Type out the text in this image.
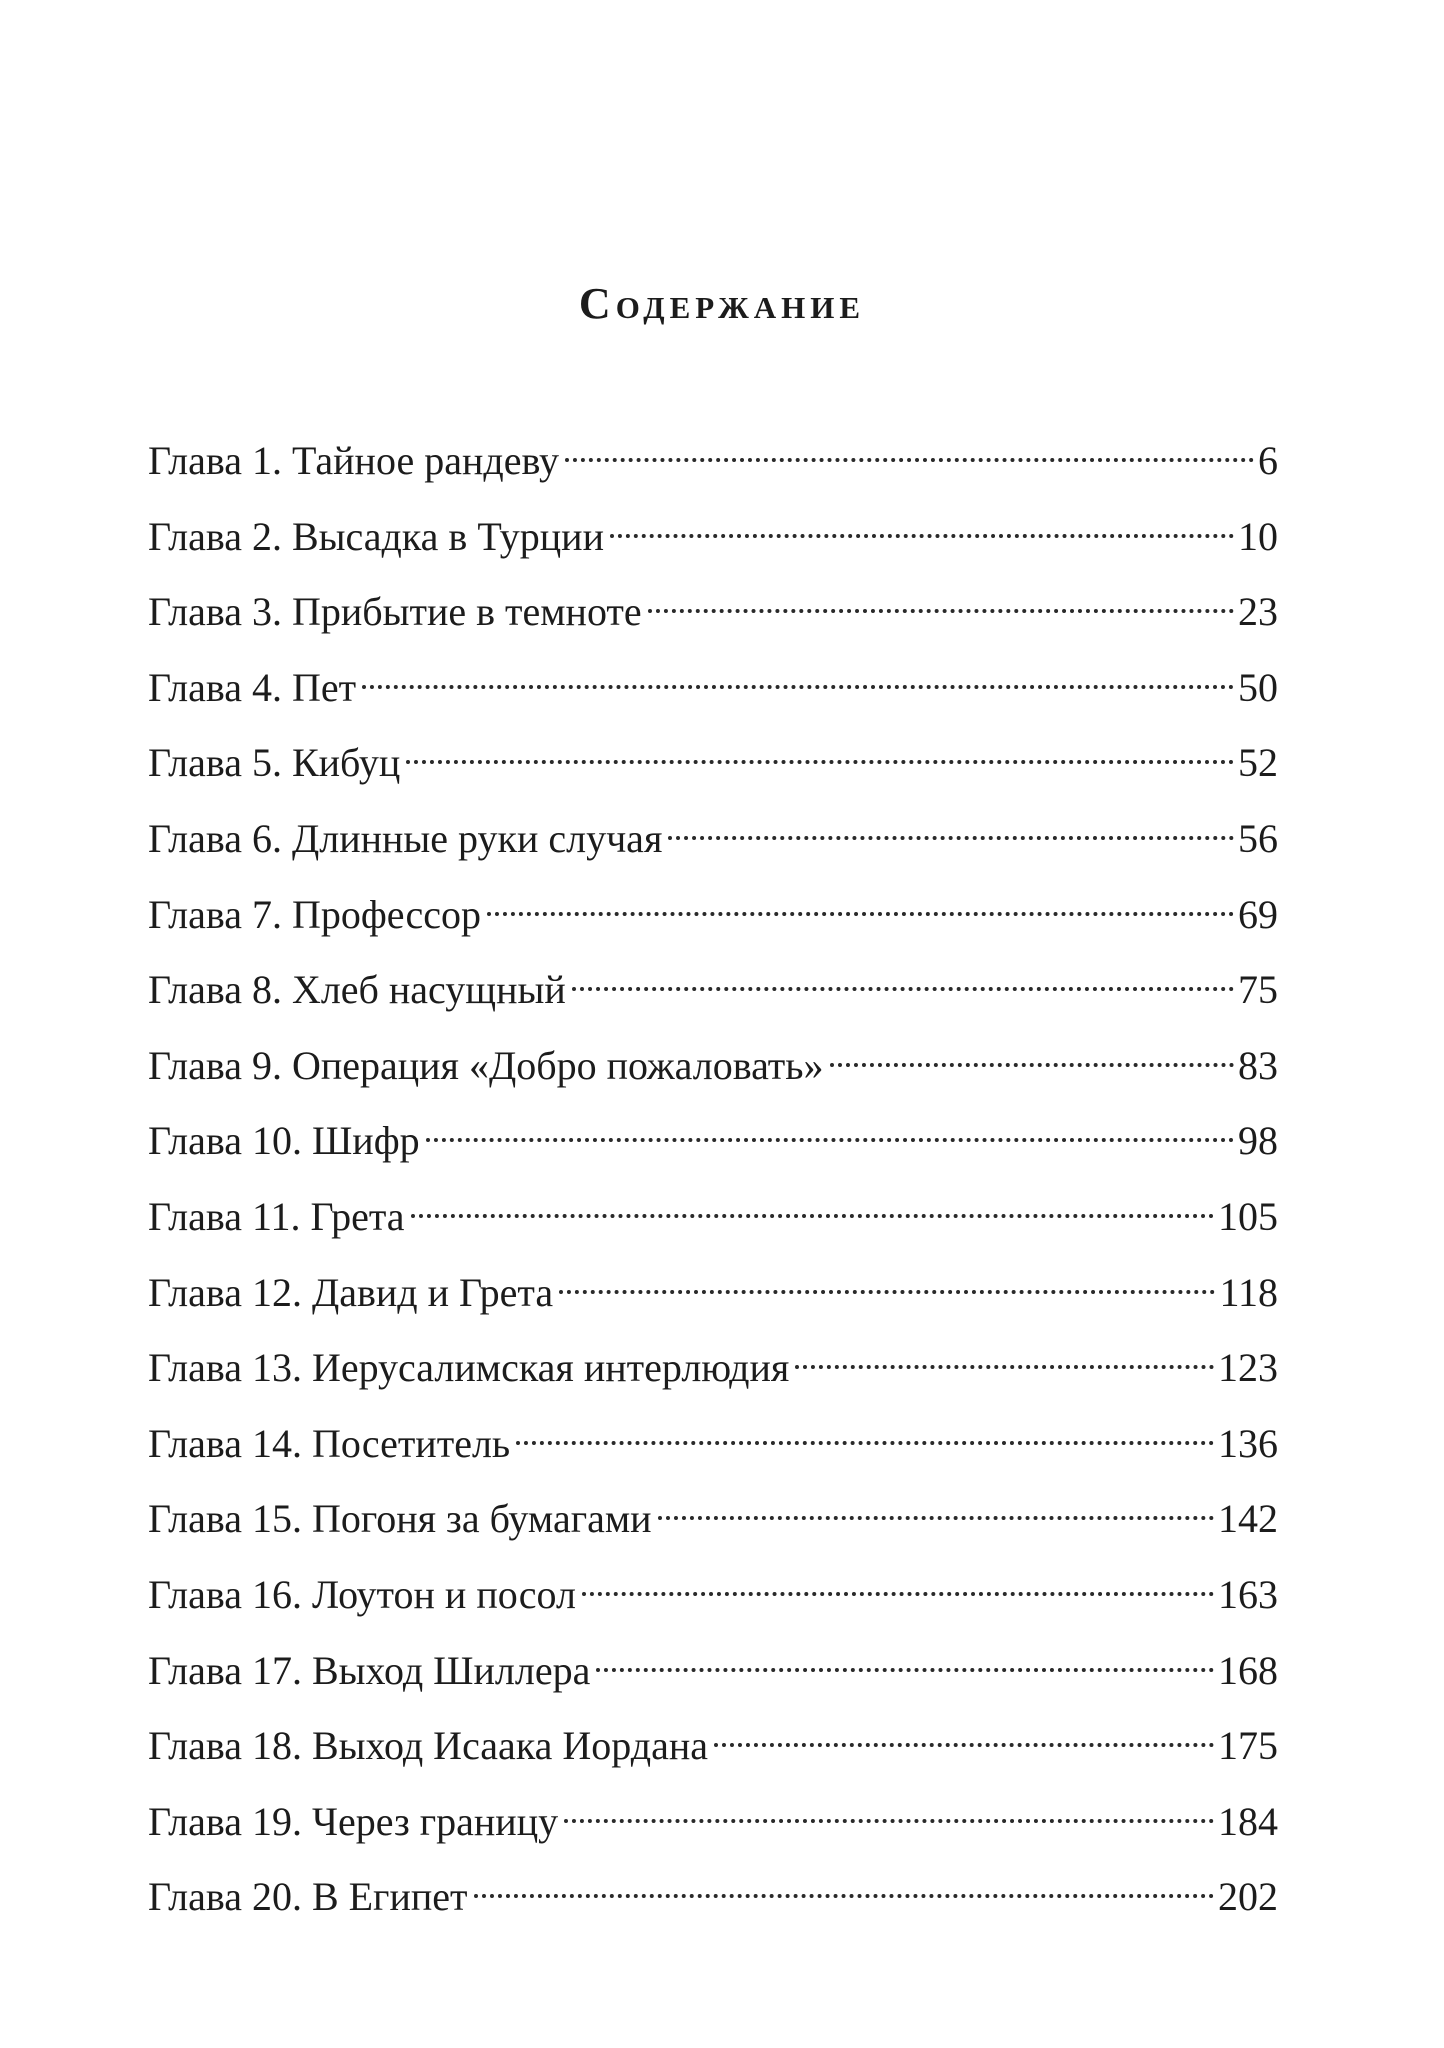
Содержание
Глава 1. Тайное рандеву	6
Глава 2. Высадка в Турции	10
Глава 3. Прибытие в темноте	23
Глава 4. Пет	50
Глава 5. Кибуц	52
Глава 6. Длинные руки случая	56
Глава 7. Профессор	69
Глава 8. Хлеб насущный	75
Глава 9. Операция «Добро пожаловать»	83
Глава 10. Шифр	98
Глава 11. Грета	105
Глава 12. Давид и Грета	118
Глава 13. Иерусалимская интерлюдия	123
Глава 14. Посетитель	136
Глава 15. Погоня за бумагами	142
Глава 16. Лоутон и посол	163
Глава 17. Выход Шиллера	168
Глава 18. Выход Исаака Иордана	175
Глава 19. Через границу	184
Глава 20. В Египет	202
